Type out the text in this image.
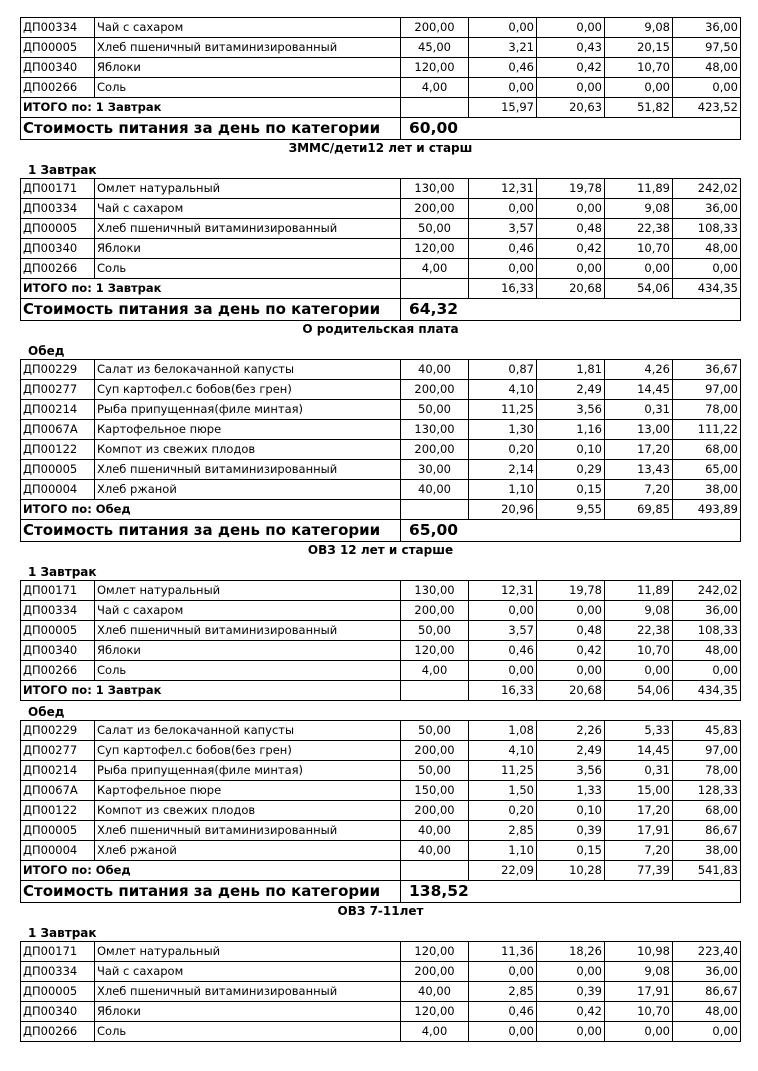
ДП00334	Чай с сахаром	200,00	0,00	0,00	9,08	36,00
ДП00005	Хлеб пшеничный витаминизированный	45,00	3,21	0,43	20,15	97,50
ДП00340	Яблоки	120,00	0,46	0,42	10,70	48,00
ДП00266	Соль	4,00	0,00	0,00	0,00	0,00
ИТОГО по: 1 Завтрак			15,97	20,63	51,82	423,52
Стоимость питания за день по категории		60,00				
ЗММС/дети12 лет и старш
1 Завтрак
ДП00171	Омлет натуральный	130,00	12,31	19,78	11,89	242,02
ДП00334	Чай с сахаром	200,00	0,00	0,00	9,08	36,00
ДП00005	Хлеб пшеничный витаминизированный	50,00	3,57	0,48	22,38	108,33
ДП00340	Яблоки	120,00	0,46	0,42	10,70	48,00
ДП00266	Соль	4,00	0,00	0,00	0,00	0,00
ИТОГО по: 1 Завтрак			16,33	20,68	54,06	434,35
Стоимость питания за день по категории		64,32				
О родительская плата
Обед
ДП00229	Салат из белокачанной капусты	40,00	0,87	1,81	4,26	36,67
ДП00277	Суп картофел.с бобов(без грен)	200,00	4,10	2,49	14,45	97,00
ДП00214	Рыба припущенная(филе минтая)	50,00	11,25	3,56	0,31	78,00
ДП0067А	Картофельное пюре	130,00	1,30	1,16	13,00	111,22
ДП00122	Компот из свежих плодов	200,00	0,20	0,10	17,20	68,00
ДП00005	Хлеб пшеничный витаминизированный	30,00	2,14	0,29	13,43	65,00
ДП00004	Хлеб ржаной	40,00	1,10	0,15	7,20	38,00
ИТОГО по: Обед			20,96	9,55	69,85	493,89
Стоимость питания за день по категории		65,00				
ОВЗ 12 лет и старше
1 Завтрак
ДП00171	Омлет натуральный	130,00	12,31	19,78	11,89	242,02
ДП00334	Чай с сахаром	200,00	0,00	0,00	9,08	36,00
ДП00005	Хлеб пшеничный витаминизированный	50,00	3,57	0,48	22,38	108,33
ДП00340	Яблоки	120,00	0,46	0,42	10,70	48,00
ДП00266	Соль	4,00	0,00	0,00	0,00	0,00
ИТОГО по: 1 Завтрак			16,33	20,68	54,06	434,35
Обед
ДП00229	Салат из белокачанной капусты	50,00	1,08	2,26	5,33	45,83
ДП00277	Суп картофел.с бобов(без грен)	200,00	4,10	2,49	14,45	97,00
ДП00214	Рыба припущенная(филе минтая)	50,00	11,25	3,56	0,31	78,00
ДП0067А	Картофельное пюре	150,00	1,50	1,33	15,00	128,33
ДП00122	Компот из свежих плодов	200,00	0,20	0,10	17,20	68,00
ДП00005	Хлеб пшеничный витаминизированный	40,00	2,85	0,39	17,91	86,67
ДП00004	Хлеб ржаной	40,00	1,10	0,15	7,20	38,00
ИТОГО по: Обед			22,09	10,28	77,39	541,83
Стоимость питания за день по категории		138,52				
ОВЗ 7-11лет
1 Завтрак
ДП00171	Омлет натуральный	120,00	11,36	18,26	10,98	223,40
ДП00334	Чай с сахаром	200,00	0,00	0,00	9,08	36,00
ДП00005	Хлеб пшеничный витаминизированный	40,00	2,85	0,39	17,91	86,67
ДП00340	Яблоки	120,00	0,46	0,42	10,70	48,00
ДП00266	Соль	4,00	0,00	0,00	0,00	0,00
